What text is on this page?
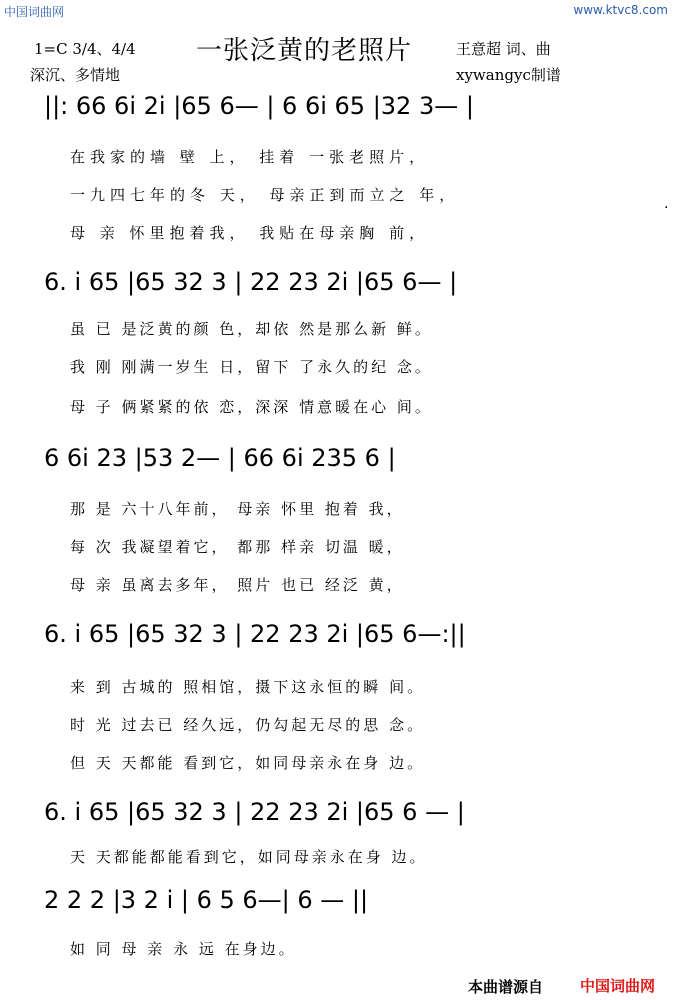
中国词曲网	www.ktvc8.com
一张泛黄的老照片
1=C 3/4、4/4
深沉、多情地
王意超 词、曲
xywangyc制谱
.
||: 66 6i 2i |65 6— | 6 6i 65 |32 3— |
在我家的墙 壁 上， 挂着 一张老照片，
一九四七年的冬 天， 母亲正到而立之 年，
母 亲 怀里抱着我， 我贴在母亲胸 前，
6. i 65 |65 32 3 | 22 23 2i |65 6— |
虽 已 是泛黄的颜 色，却依 然是那么新 鲜。
我 刚 刚满一岁生 日，留下 了永久的纪 念。
母 子 俩紧紧的依 恋，深深 情意暖在心 间。
6 6i 23 |53 2— | 66 6i 235 6 |
那 是 六十八年前， 母亲 怀里 抱着 我，
每 次 我凝望着它， 都那 样亲 切温 暖，
母 亲 虽离去多年， 照片 也已 经泛 黄，
6. i 65 |65 32 3 | 22 23 2i |65 6—:||
来 到 古城的 照相馆，摄下这永恒的瞬 间。
时 光 过去已 经久远，仍勾起无尽的思 念。
但 天 天都能 看到它，如同母亲永在身 边。
6. i 65 |65 32 3 | 22 23 2i |65 6 — |
天 天都能都能看到它，如同母亲永在身 边。
2 2 2 |3 2 i | 6 5 6—| 6 — ||
如 同 母 亲 永 远 在身边。
本曲谱源自 中国词曲网
